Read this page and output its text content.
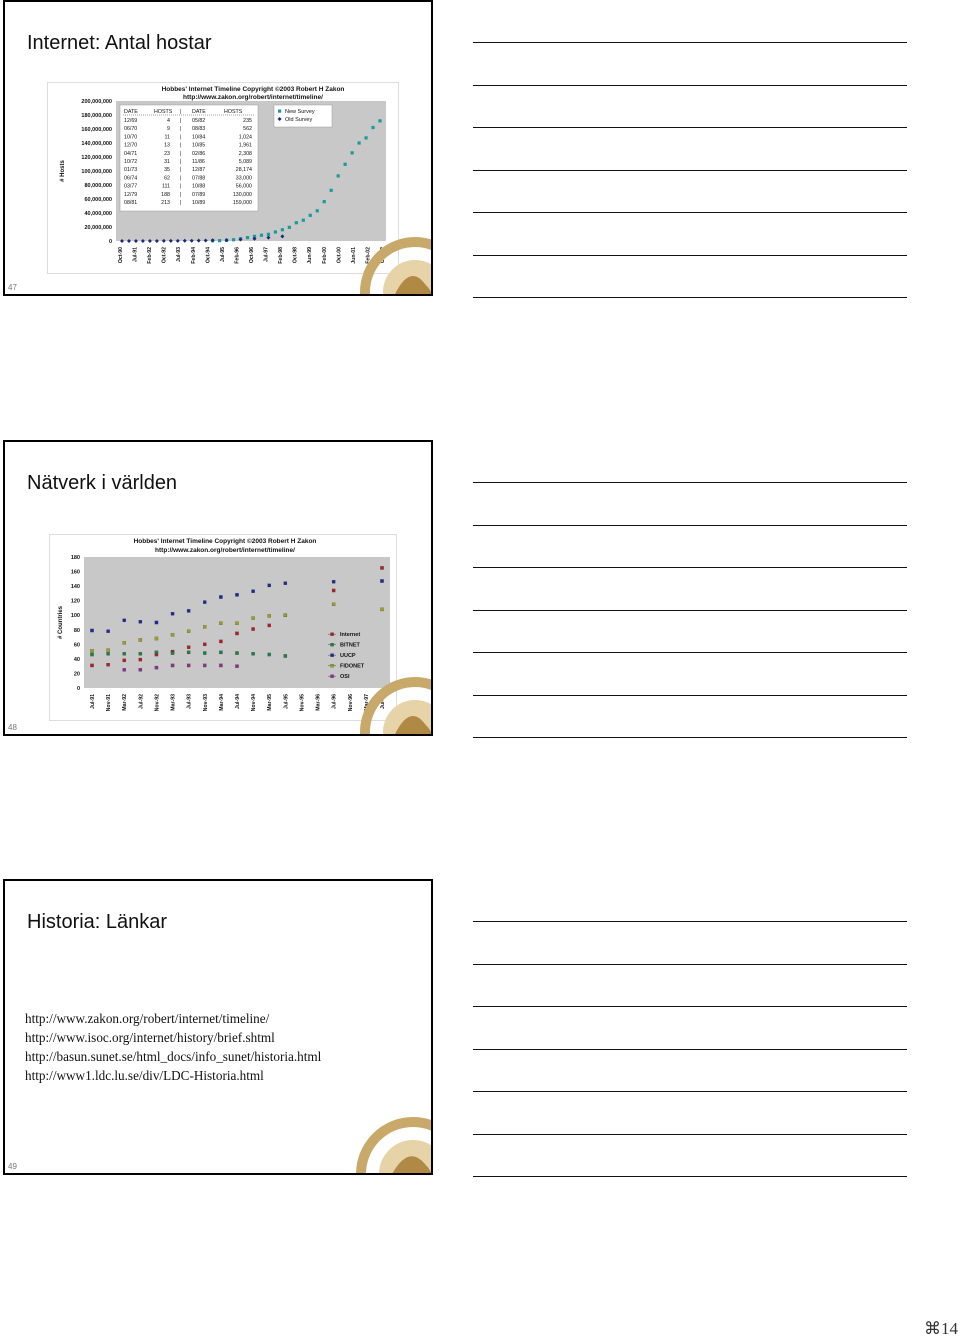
Internet: Antal hostar
Hobbes' Internet Timeline Copyright ©2003 Robert H Zakon
http://www.zakon.org/robert/internet/timeline/
0
20,000,000
40,000,000
60,000,000
80,000,000
100,000,000
120,000,000
140,000,000
160,000,000
180,000,000
200,000,000
# Hosts
Oct-90 Jul-91 Feb-92 Oct-92 Jul-93 Feb-94 Oct-94 Jul-95 Feb-96 Oct-96 Jul-97 Feb-98 Oct-98 Jun-99 Feb-00 Oct-00 Jun-01 Feb-02 Oct-02
DATE	HOSTS	DATE	HOSTS
|
12/69	4	05/82	235
|
06/70	9	08/83	562
|
10/70	11	10/84	1,024
|
12/70	13	10/85	1,961
|
04/71	23	02/86	2,308
|
10/72	31	11/86	5,089
|
01/73	35	12/87	28,174
|
06/74	62	07/88	33,000
|
03/77	111	10/88	56,000
|
12/79	188	07/89	130,000
|
08/81	213	10/89	159,000
|
New Survey
Old Survey
47
Nätverk i världen
Hobbes' Internet Timeline Copyright ©2003 Robert H Zakon
http://www.zakon.org/robert/internet/timeline/
0
20
40
60
80
100
120
140
160
180
# Countries
Jul-91 Nov-91 Mar-92 Jul-92 Nov-92 Mar-93 Jul-93 Nov-93 Mar-94 Jul-94 Nov-94 Mar-95 Jul-95 Nov-95 Mar-96 Jul-96 Nov-96 Mar-97 Jul-97
Internet
BITNET
UUCP
FIDONET
OSI
48
Historia: Länkar
http://www.zakon.org/robert/internet/timeline/
http://www.isoc.org/internet/history/brief.shtml
http://basun.sunet.se/html_docs/info_sunet/historia.html
http://www1.ldc.lu.se/div/LDC-Historia.html
49
⌘14
